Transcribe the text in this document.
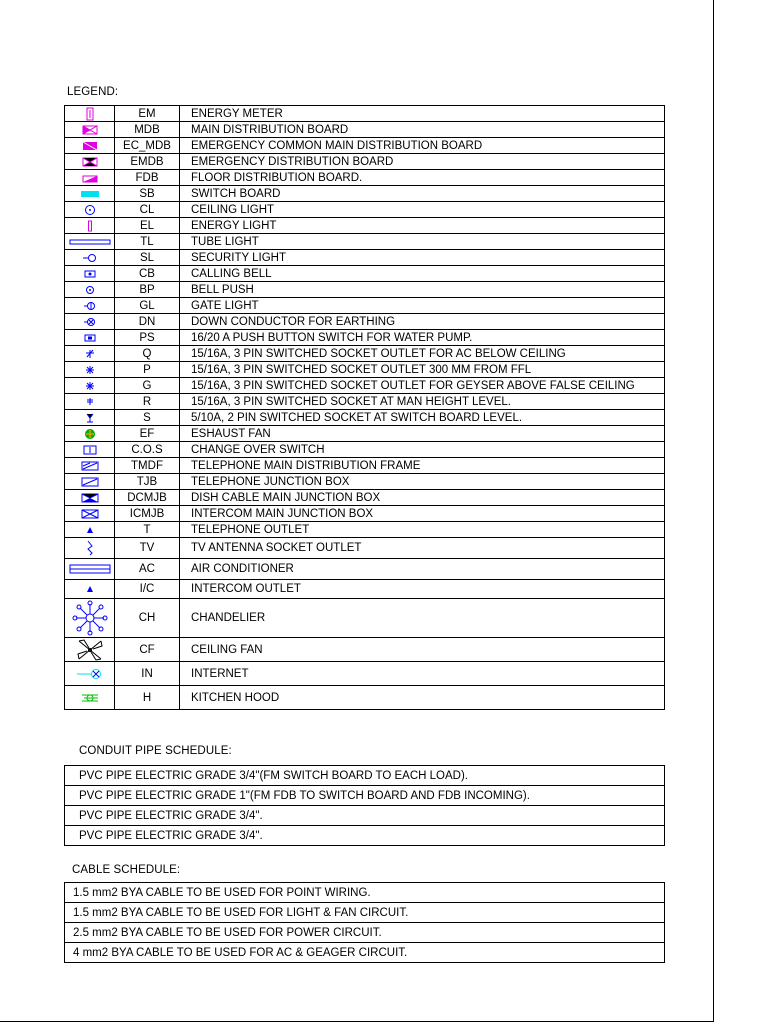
LEGEND:
	EM	ENERGY METER

	MDB	MAIN DISTRIBUTION BOARD

	EC_MDB	EMERGENCY COMMON MAIN DISTRIBUTION BOARD

	EMDB	EMERGENCY DISTRIBUTION BOARD

	FDB	FLOOR DISTRIBUTION BOARD.

	SB	SWITCH BOARD

	CL	CEILING LIGHT

	EL	ENERGY LIGHT

	TL	TUBE LIGHT

	SL	SECURITY LIGHT

	CB	CALLING BELL

	BP	BELL PUSH

	GL	GATE LIGHT

	DN	DOWN CONDUCTOR FOR EARTHING

	PS	16/20 A PUSH BUTTON SWITCH FOR WATER PUMP.

	Q	15/16A, 3 PIN SWITCHED SOCKET OUTLET FOR AC BELOW CEILING

	P	15/16A, 3 PIN SWITCHED SOCKET OUTLET 300 MM FROM FFL

	G	15/16A, 3 PIN SWITCHED SOCKET OUTLET FOR GEYSER ABOVE FALSE CEILING

	R	15/16A, 3 PIN SWITCHED SOCKET AT MAN HEIGHT LEVEL.

	S	5/10A, 2 PIN SWITCHED SOCKET AT SWITCH BOARD LEVEL.

	EF	ESHAUST FAN

	C.O.S	CHANGE OVER SWITCH

	TMDF	TELEPHONE MAIN DISTRIBUTION FRAME

	TJB	TELEPHONE JUNCTION BOX

	DCMJB	DISH CABLE MAIN JUNCTION BOX

	ICMJB	INTERCOM MAIN JUNCTION BOX

	T	TELEPHONE OUTLET

	TV	TV ANTENNA SOCKET OUTLET

	AC	AIR CONDITIONER

	I/C	INTERCOM OUTLET

	CH	CHANDELIER

	CF	CEILING FAN

	IN	INTERNET

	H	KITCHEN HOOD
CONDUIT PIPE SCHEDULE:
PVC PIPE ELECTRIC GRADE 3/4"(FM SWITCH BOARD TO EACH LOAD).
PVC PIPE ELECTRIC GRADE 1"(FM FDB TO SWITCH BOARD AND FDB INCOMING).
PVC PIPE ELECTRIC GRADE 3/4".
PVC PIPE ELECTRIC GRADE 3/4".
CABLE SCHEDULE:
1.5 mm2 BYA CABLE TO BE USED FOR POINT WIRING.
1.5 mm2 BYA CABLE TO BE USED FOR LIGHT & FAN CIRCUIT.
2.5 mm2 BYA CABLE TO BE USED FOR POWER CIRCUIT.
4 mm2 BYA CABLE TO BE USED FOR AC & GEAGER CIRCUIT.
